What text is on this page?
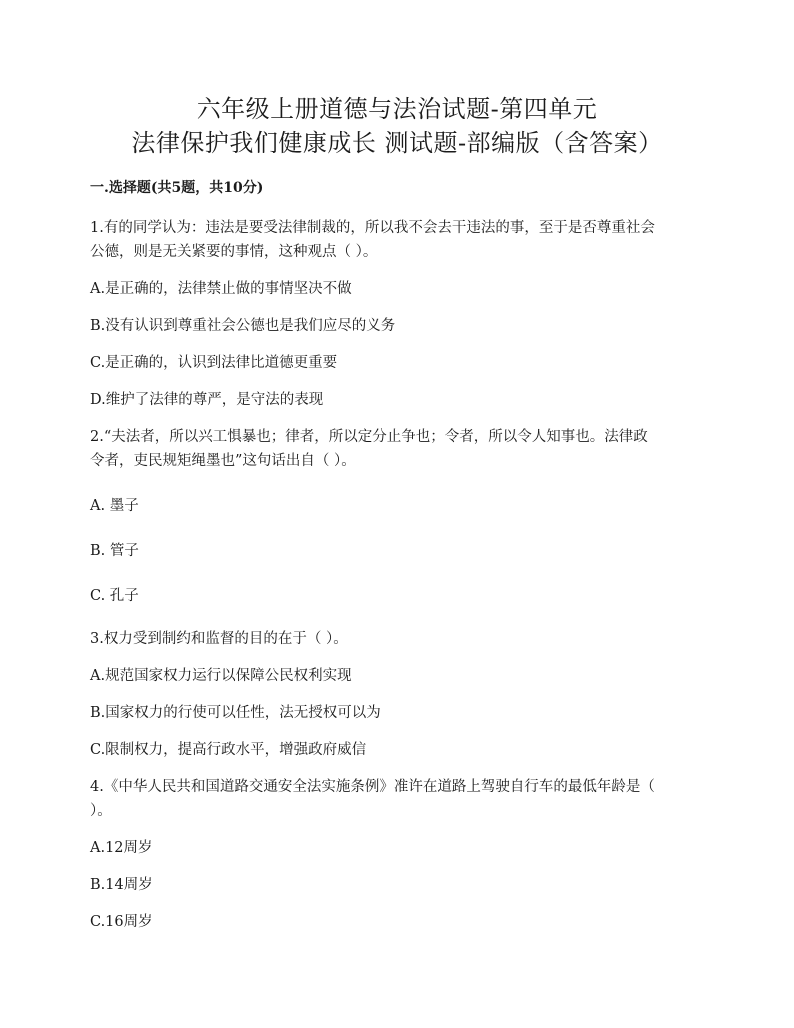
六年级上册道德与法治试题-第四单元
法律保护我们健康成长 测试题-部编版（含答案）
一.选择题(共5题，共10分)

1.有的同学认为：违法是要受法律制裁的，所以我不会去干违法的事，至于是否尊重社会

公德，则是无关紧要的事情，这种观点（ ）。

A.是正确的，法律禁止做的事情坚决不做

B.没有认识到尊重社会公德也是我们应尽的义务

C.是正确的，认识到法律比道德更重要

D.维护了法律的尊严，是守法的表现

2.“夫法者，所以兴工惧暴也；律者，所以定分止争也；令者，所以令人知事也。法律政

令者，吏民规矩绳墨也”这句话出自（ ）。

A. 墨子

B. 管子

C. 孔子

3.权力受到制约和监督的目的在于（ ）。

A.规范国家权力运行以保障公民权利实现

B.国家权力的行使可以任性，法无授权可以为

C.限制权力，提高行政水平，增强政府威信

4.《中华人民共和国道路交通安全法实施条例》准许在道路上驾驶自行车的最低年龄是（

）。

A.12周岁

B.14周岁

C.16周岁
